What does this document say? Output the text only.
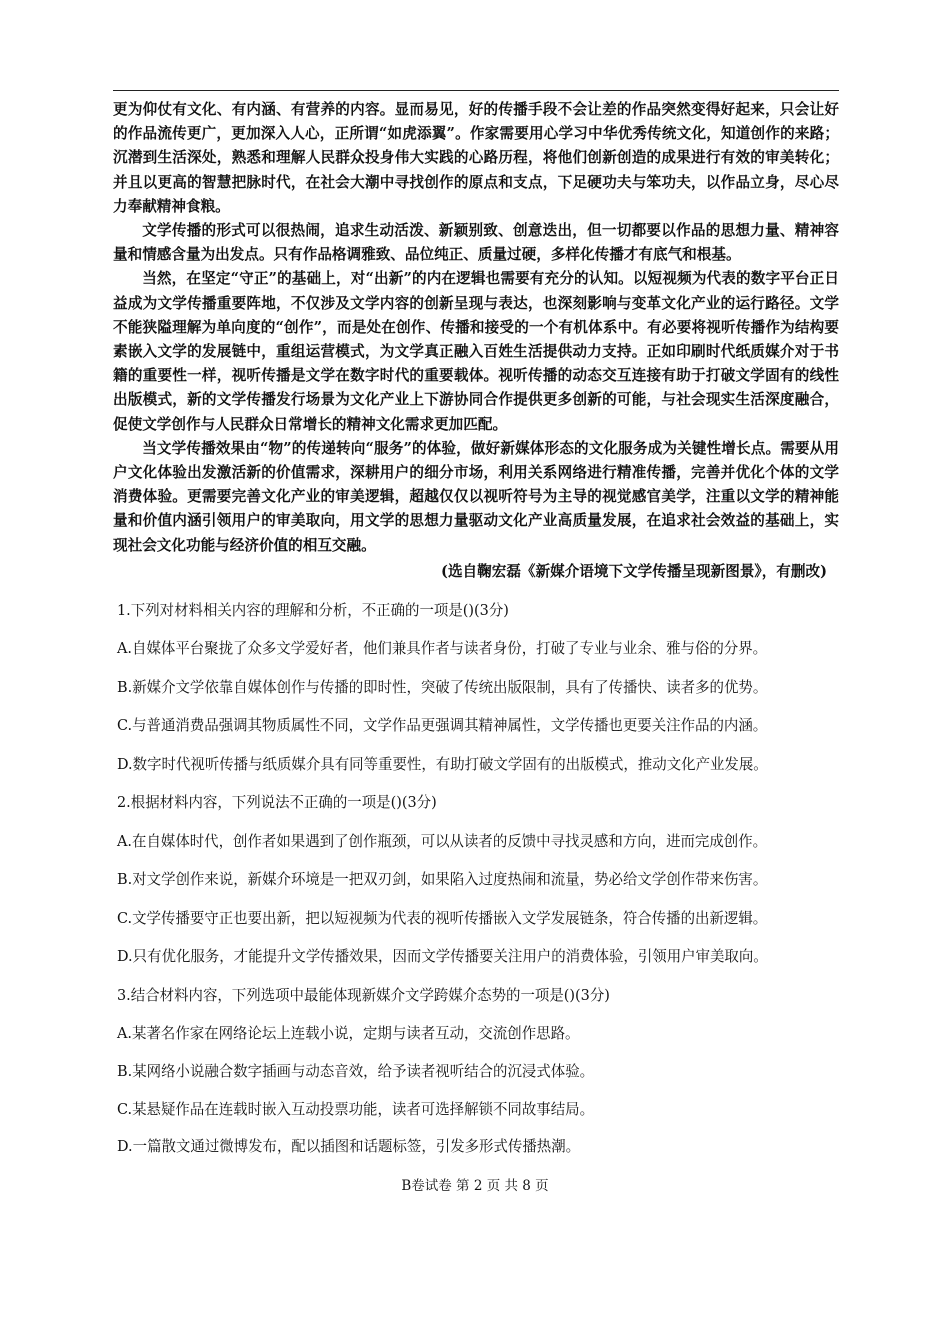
更为仰仗有文化、有内涵、有营养的内容。显而易见，好的传播手段不会让差的作品突然变得好起来，只会让好的作品流传更广，更加深入人心，正所谓“如虎添翼”。作家需要用心学习中华优秀传统文化，知道创作的来路；沉潜到生活深处，熟悉和理解人民群众投身伟大实践的心路历程，将他们创新创造的成果进行有效的审美转化；并且以更高的智慧把脉时代，在社会大潮中寻找创作的原点和支点，下足硬功夫与笨功夫，以作品立身，尽心尽力奉献精神食粮。

文学传播的形式可以很热闹，追求生动活泼、新颖别致、创意迭出，但一切都要以作品的思想力量、精神容量和情感含量为出发点。只有作品格调雅致、品位纯正、质量过硬，多样化传播才有底气和根基。

当然，在坚定“守正”的基础上，对“出新”的内在逻辑也需要有充分的认知。以短视频为代表的数字平台正日益成为文学传播重要阵地，不仅涉及文学内容的创新呈现与表达，也深刻影响与变革文化产业的运行路径。文学不能狭隘理解为单向度的“创作”，而是处在创作、传播和接受的一个有机体系中。有必要将视听传播作为结构要素嵌入文学的发展链中，重组运营模式，为文学真正融入百姓生活提供动力支持。正如印刷时代纸质媒介对于书籍的重要性一样，视听传播是文学在数字时代的重要载体。视听传播的动态交互连接有助于打破文学固有的线性出版模式，新的文学传播发行场景为文化产业上下游协同合作提供更多创新的可能，与社会现实生活深度融合，促使文学创作与人民群众日常增长的精神文化需求更加匹配。

当文学传播效果由“物”的传递转向“服务”的体验，做好新媒体形态的文化服务成为关键性增长点。需要从用户文化体验出发激活新的价值需求，深耕用户的细分市场，利用关系网络进行精准传播，完善并优化个体的文学消费体验。更需要完善文化产业的审美逻辑，超越仅仅以视听符号为主导的视觉感官美学，注重以文学的精神能量和价值内涵引领用户的审美取向，用文学的思想力量驱动文化产业高质量发展，在追求社会效益的基础上，实现社会文化功能与经济价值的相互交融。

(选自鞠宏磊《新媒介语境下文学传播呈现新图景》，有删改)
1.下列对材料相关内容的理解和分析，不正确的一项是()(3分)
A.自媒体平台聚拢了众多文学爱好者，他们兼具作者与读者身份，打破了专业与业余、雅与俗的分界。
B.新媒介文学依靠自媒体创作与传播的即时性，突破了传统出版限制，具有了传播快、读者多的优势。
C.与普通消费品强调其物质属性不同，文学作品更强调其精神属性，文学传播也更要关注作品的内涵。
D.数字时代视听传播与纸质媒介具有同等重要性，有助打破文学固有的出版模式，推动文化产业发展。
2.根据材料内容，下列说法不正确的一项是()(3分)
A.在自媒体时代，创作者如果遇到了创作瓶颈，可以从读者的反馈中寻找灵感和方向，进而完成创作。
B.对文学创作来说，新媒介环境是一把双刃剑，如果陷入过度热闹和流量，势必给文学创作带来伤害。
C.文学传播要守正也要出新，把以短视频为代表的视听传播嵌入文学发展链条，符合传播的出新逻辑。
D.只有优化服务，才能提升文学传播效果，因而文学传播要关注用户的消费体验，引领用户审美取向。
3.结合材料内容，下列选项中最能体现新媒介文学跨媒介态势的一项是()(3分)
A.某著名作家在网络论坛上连载小说，定期与读者互动，交流创作思路。
B.某网络小说融合数字插画与动态音效，给予读者视听结合的沉浸式体验。
C.某悬疑作品在连载时嵌入互动投票功能，读者可选择解锁不同故事结局。
D.一篇散文通过微博发布，配以插图和话题标签，引发多形式传播热潮。
B卷试卷 第 2 页 共 8 页
